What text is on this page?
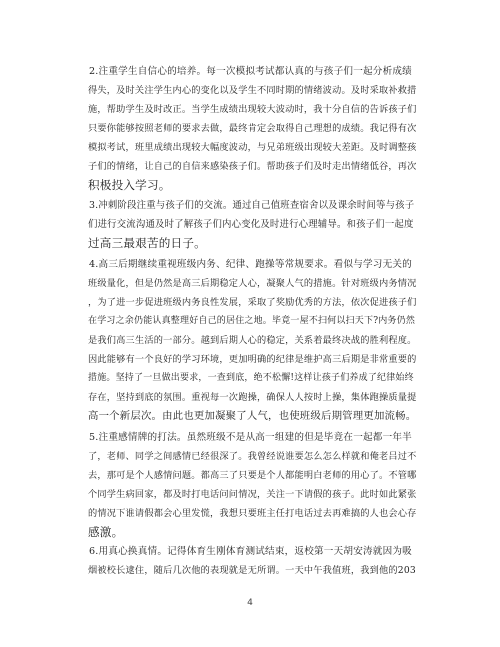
2.注重学生自信心的培养。每一次模拟考试都认真的与孩子们一起分析成绩
得失，及时关注学生内心的变化以及学生不同时期的情绪波动。及时采取补救措
施，帮助学生及时改正。当学生成绩出现较大波动时，我十分自信的告诉孩子们
只要你能够按照老师的要求去做，最终肯定会取得自己理想的成绩。我记得有次
模拟考试，班里成绩出现较大幅度波动，与兄弟班级出现较大差距。及时调整孩
子们的情绪，让自己的自信来感染孩子们。帮助孩子们及时走出情绪低谷，再次
积极投入学习。
3.冲刺阶段注重与孩子们的交流。通过自己值班查宿舍以及课余时间等与孩子
们进行交流沟通及时了解孩子们内心变化及时进行心理辅导。和孩子们一起度
过高三最艰苦的日子。
4.高三后期继续重视班级内务、纪律、跑操等常规要求。看似与学习无关的
班级量化，但是仍然是高三后期稳定人心，凝聚人气的措施。针对班级内务情况
，为了进一步促进班级内务良性发展，采取了奖励优秀的方法，依次促进孩子们
在学习之余仍能认真整理好自己的居住之地。毕竟一屋不扫何以扫天下?内务仍然
是我们高三生活的一部分。越到后期人心的稳定，关系着最终决战的胜利程度。
因此能够有一个良好的学习环境，更加明确的纪律是维护高三后期是非常重要的
措施。坚持了一旦做出要求，一查到底，绝不松懈!这样让孩子们养成了纪律始终
存在，坚持到底的氛围。重视每一次跑操，确保人人按时上操，集体跑操质量提
高一个新层次。由此也更加凝聚了人气，也使班级后期管理更加流畅。
5.注重感情牌的打法。虽然班级不是从高一组建的但是毕竟在一起都一年半
了，老师、同学之间感情已经很深了。我曾经说谁要怎么怎么样就和俺老吕过不
去，那可是个人感情问题。都高三了只要是个人都能明白老师的用心了。不管哪
个同学生病回家，都及时打电话问问情况，关注一下请假的孩子。此时如此紧张
的情况下谁请假都会心里发慌，我想只要班主任打电话过去再难搞的人也会心存
感激。
6.用真心换真情。记得体育生刚体育测试结束，返校第一天胡安涛就因为吸
烟被校长逮住，随后几次他的表现就是无所谓。一天中午我值班，我到他的203
4
